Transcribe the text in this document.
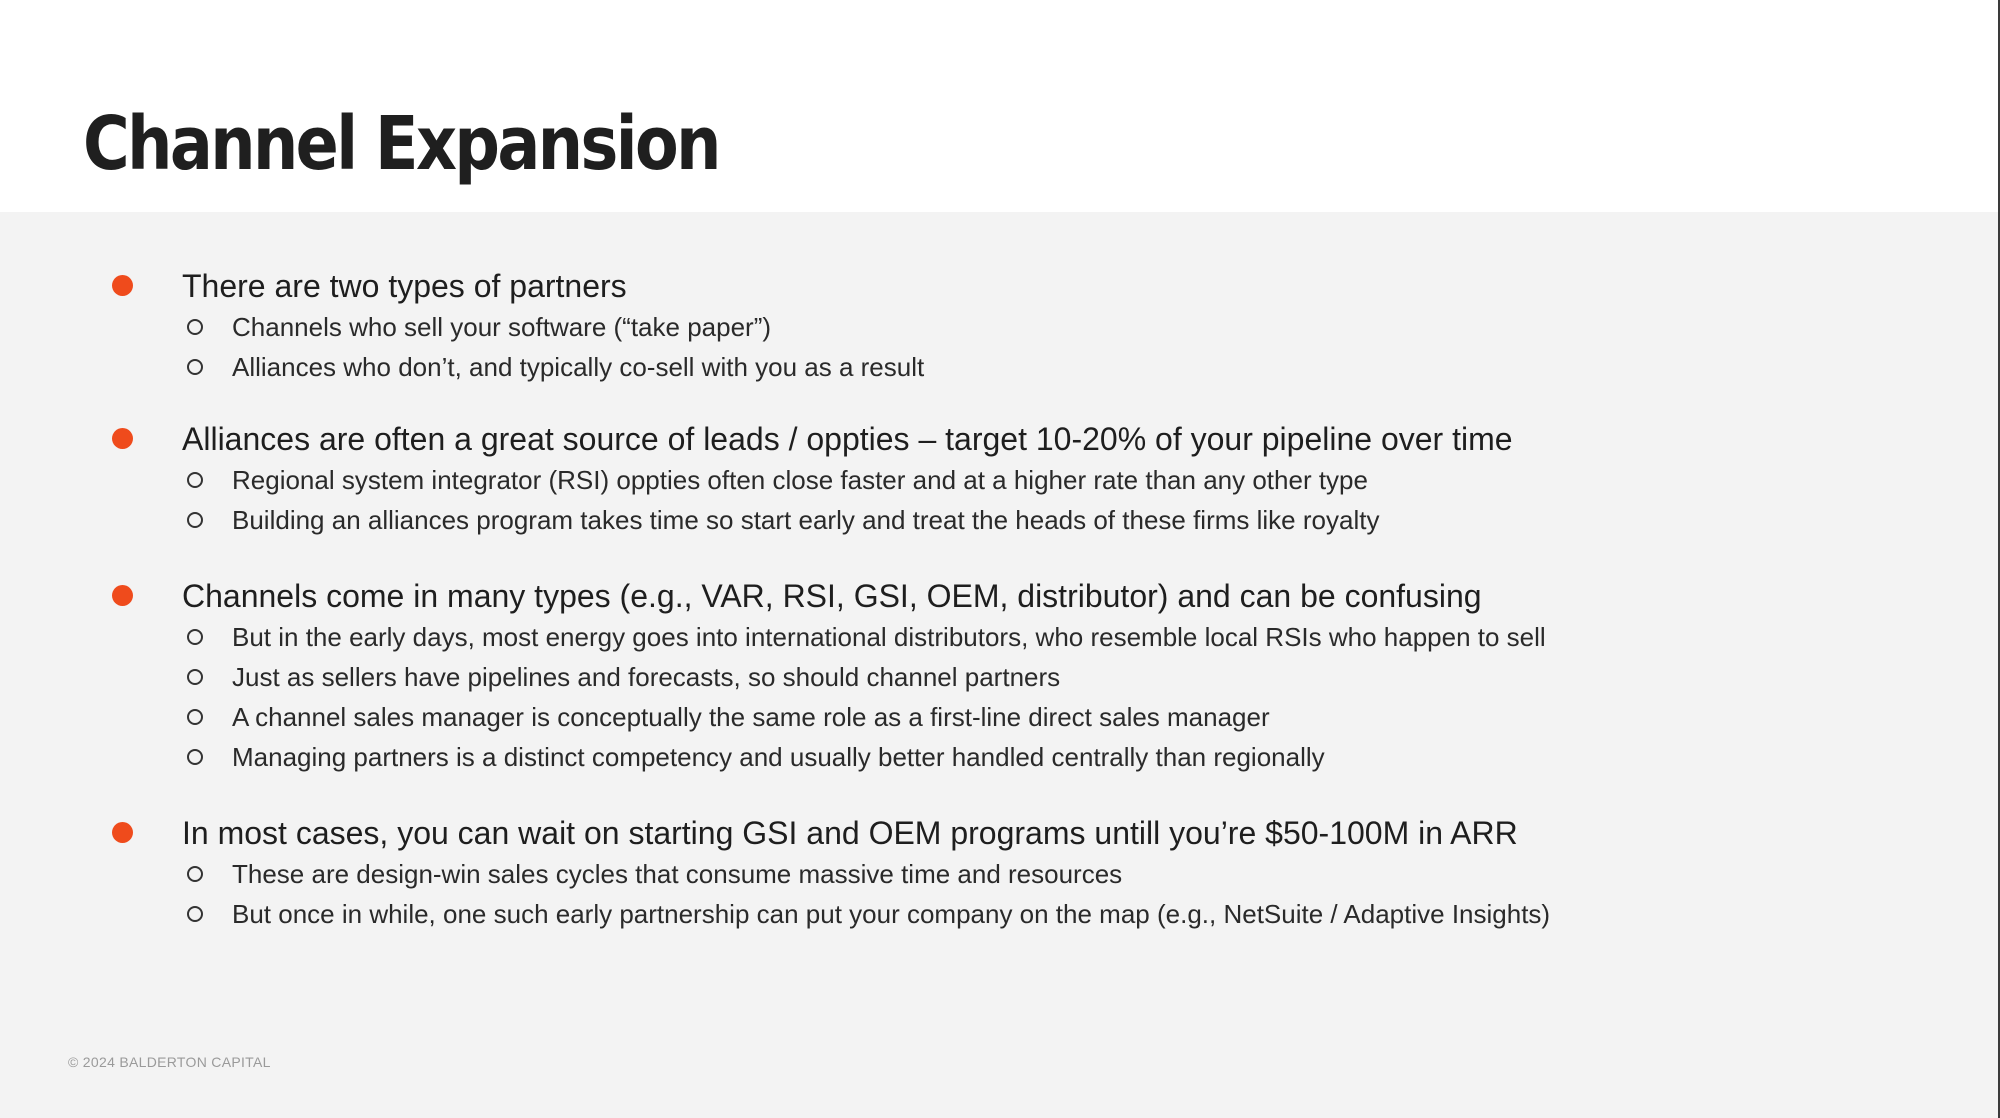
Channel Expansion
There are two types of partners
Channels who sell your software (“take paper”)
Alliances who don’t, and typically co-sell with you as a result
Alliances are often a great source of leads / oppties – target 10-20% of your pipeline over time
Regional system integrator (RSI) oppties often close faster and at a higher rate than any other type
Building an alliances program takes time so start early and treat the heads of these firms like royalty
Channels come in many types (e.g., VAR, RSI, GSI, OEM, distributor) and can be confusing
But in the early days, most energy goes into international distributors, who resemble local RSIs who happen to sell
Just as sellers have pipelines and forecasts, so should channel partners
A channel sales manager is conceptually the same role as a first-line direct sales manager
Managing partners is a distinct competency and usually better handled centrally than regionally
In most cases, you can wait on starting GSI and OEM programs untill you’re $50-100M in ARR
These are design-win sales cycles that consume massive time and resources
But once in while, one such early partnership can put your company on the map (e.g., NetSuite / Adaptive Insights)
© 2024 BALDERTON CAPITAL
